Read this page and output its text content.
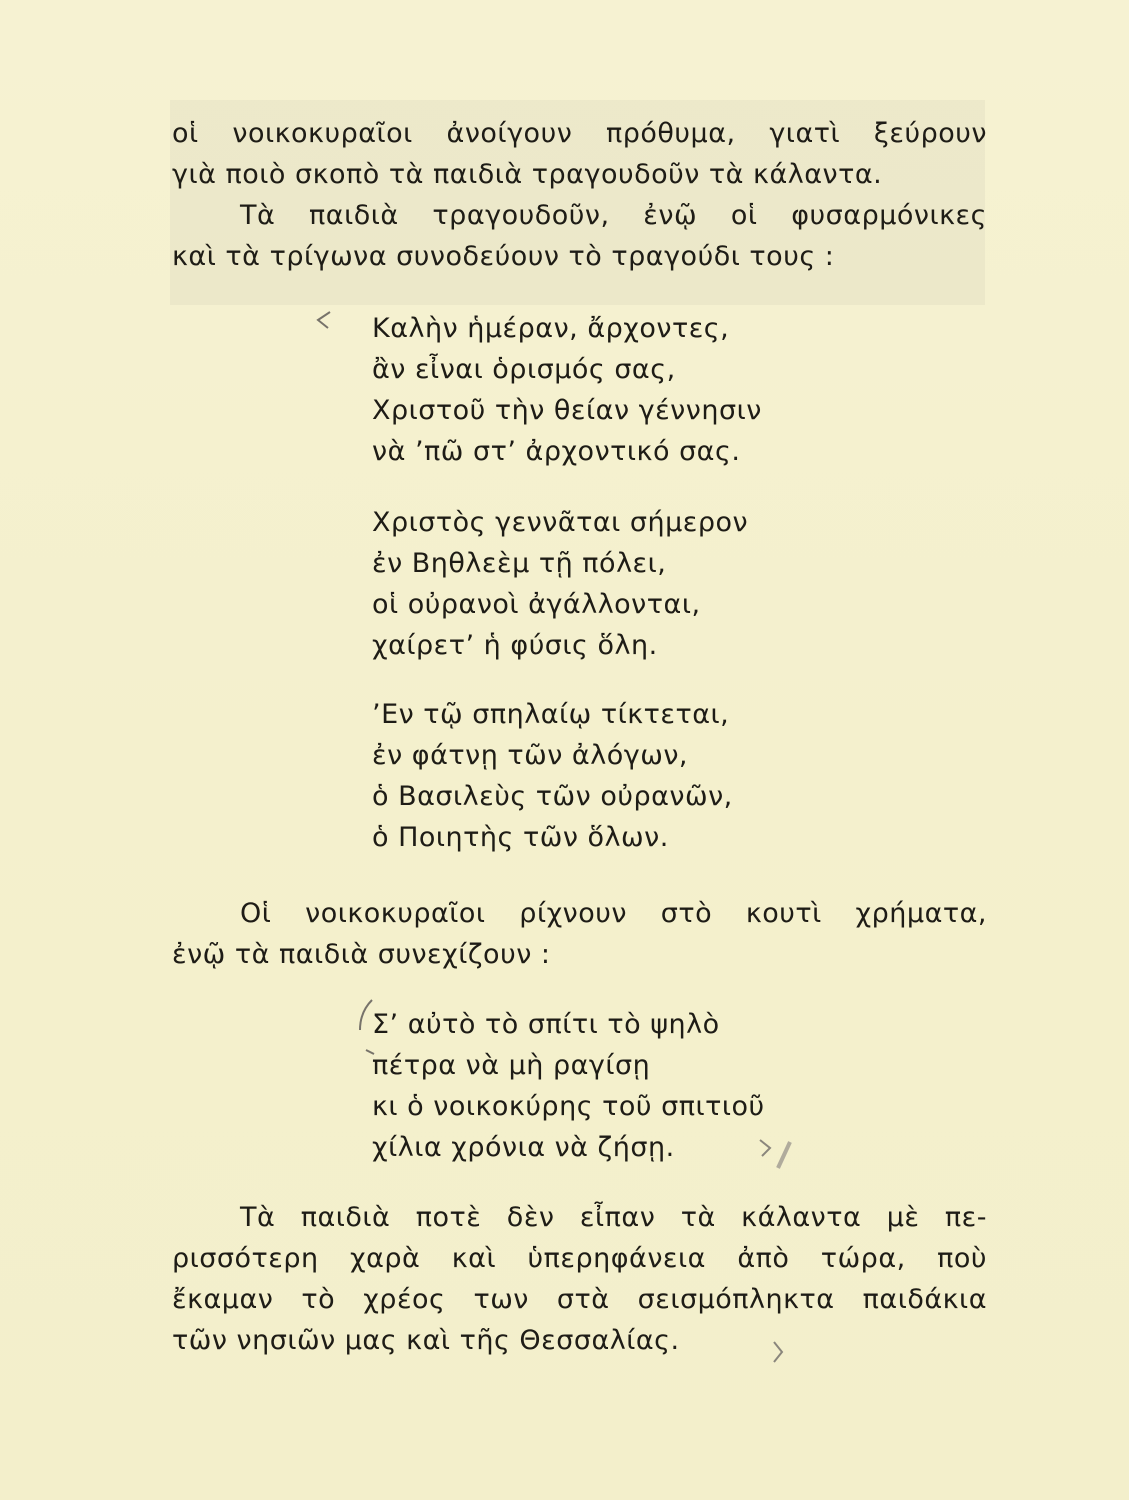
οἱ νοικοκυραῖοι ἀνοίγουν πρόθυμα, γιατὶ ξεύρουν
γιὰ ποιὸ σκοπὸ τὰ παιδιὰ τραγουδοῦν τὰ κάλαντα.
Τὰ παιδιὰ τραγουδοῦν, ἐνῷ οἱ φυσαρμόνικες
καὶ τὰ τρίγωνα συνοδεύουν τὸ τραγούδι τους :
Καλὴν ἡμέραν, ἄρχοντες,
ἂν εἶναι ὁρισμός σας,
Χριστοῦ τὴν θείαν γέννησιν
νὰ ’πῶ στ’ ἀρχοντικό σας.
Χριστὸς γεννᾶται σήμερον
ἐν Βηθλεὲμ τῇ πόλει,
οἱ οὐρανοὶ ἀγάλλονται,
χαίρετ’ ἡ φύσις ὅλη.
’Εν τῷ σπηλαίῳ τίκτεται,
ἐν φάτνῃ τῶν ἀλόγων,
ὁ Βασιλεὺς τῶν οὐρανῶν,
ὁ Ποιητὴς τῶν ὅλων.
Οἱ νοικοκυραῖοι ρίχνουν στὸ κουτὶ χρήματα,
ἐνῷ τὰ παιδιὰ συνεχίζουν :
Σ’ αὐτὸ τὸ σπίτι τὸ ψηλὸ
πέτρα νὰ μὴ ραγίσῃ
κι ὁ νοικοκύρης τοῦ σπιτιοῦ
χίλια χρόνια νὰ ζήσῃ.
Τὰ παιδιὰ ποτὲ δὲν εἶπαν τὰ κάλαντα μὲ πε-
ρισσότερη χαρὰ καὶ ὑπερηφάνεια ἀπὸ τώρα, ποὺ
ἔκαμαν τὸ χρέος των στὰ σεισμόπληκτα παιδάκια
τῶν νησιῶν μας καὶ τῆς Θεσσαλίας.
